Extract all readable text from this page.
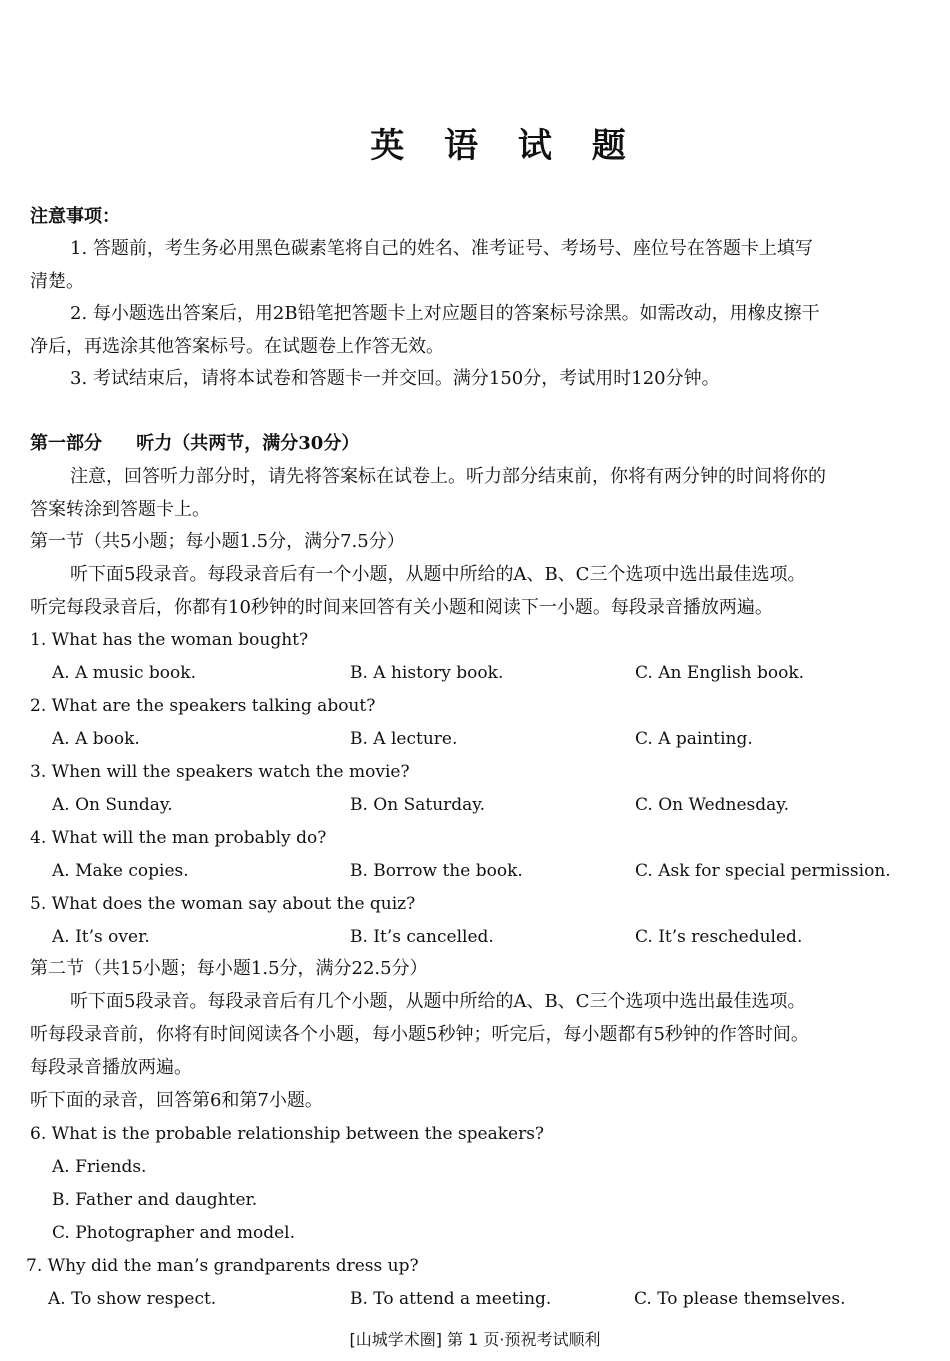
英 语 试 题
注意事项：
1. 答题前，考生务必用黑色碳素笔将自己的姓名、准考证号、考场号、座位号在答题卡上填写
清楚。
2. 每小题选出答案后，用2B铅笔把答题卡上对应题目的答案标号涂黑。如需改动，用橡皮擦干
净后，再选涂其他答案标号。在试题卷上作答无效。
3. 考试结束后，请将本试卷和答题卡一并交回。满分150分，考试用时120分钟。
第一部分 听力（共两节，满分30分）
注意，回答听力部分时，请先将答案标在试卷上。听力部分结束前，你将有两分钟的时间将你的
答案转涂到答题卡上。
第一节（共5小题；每小题1.5分，满分7.5分）
听下面5段录音。每段录音后有一个小题，从题中所给的A、B、C三个选项中选出最佳选项。
听完每段录音后，你都有10秒钟的时间来回答有关小题和阅读下一小题。每段录音播放两遍。
1. What has the woman bought?
A. A music book.	B. A history book.	C. An English book.
2. What are the speakers talking about?
A. A book.	B. A lecture.	C. A painting.
3. When will the speakers watch the movie?
A. On Sunday.	B. On Saturday.	C. On Wednesday.
4. What will the man probably do?
A. Make copies.	B. Borrow the book.	C. Ask for special permission.
5. What does the woman say about the quiz?
A. It’s over.	B. It’s cancelled.	C. It’s rescheduled.
第二节（共15小题；每小题1.5分，满分22.5分）
听下面5段录音。每段录音后有几个小题，从题中所给的A、B、C三个选项中选出最佳选项。
听每段录音前，你将有时间阅读各个小题，每小题5秒钟；听完后，每小题都有5秒钟的作答时间。
每段录音播放两遍。
听下面的录音，回答第6和第7小题。
6. What is the probable relationship between the speakers?
A. Friends.
B. Father and daughter.
C. Photographer and model.
7. Why did the man’s grandparents dress up?
A. To show respect.	B. To attend a meeting.	C. To please themselves.
[山城学术圈] 第 1 页·预祝考试顺利
